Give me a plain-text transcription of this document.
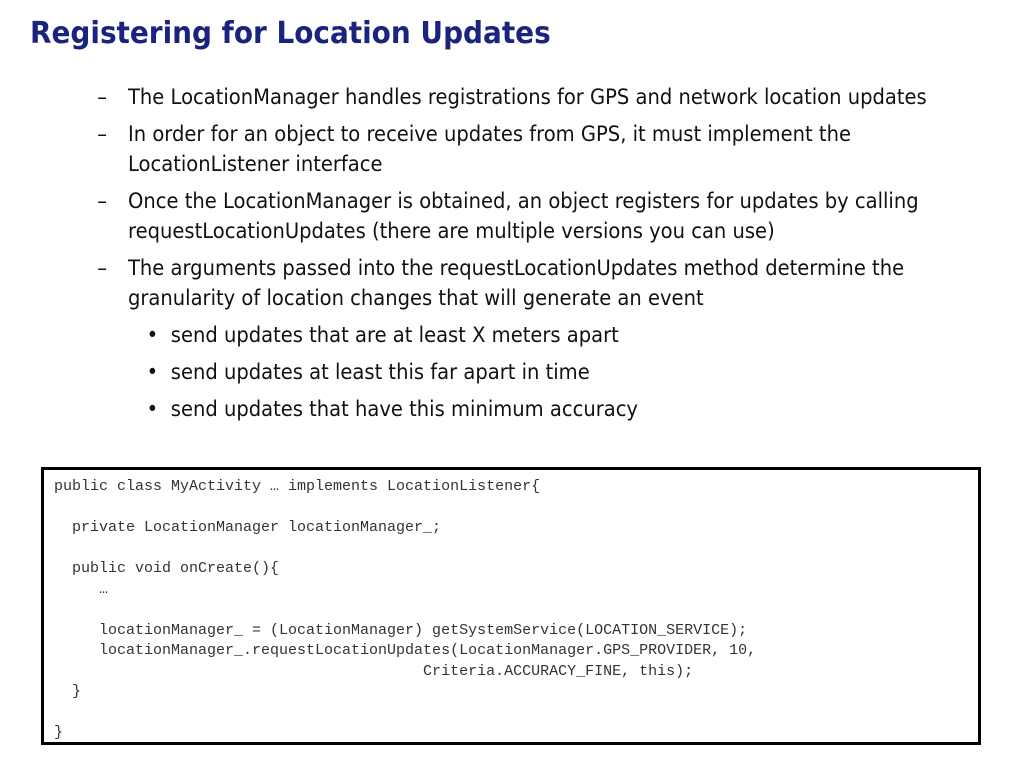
Registering for Location Updates
– The LocationManager handles registrations for GPS and network location updates
– In order for an object to receive updates from GPS, it must implement the LocationListener interface
– Once the LocationManager is obtained, an object registers for updates by calling requestLocationUpdates (there are multiple versions you can use)
– The arguments passed into the requestLocationUpdates method determine the granularity of location changes that will generate an event
• send updates that are at least X meters apart
• send updates at least this far apart in time
• send updates that have this minimum accuracy
public class MyActivity … implements LocationListener{

private LocationManager locationManager_;

public void onCreate(){
…

locationManager_ = (LocationManager) getSystemService(LOCATION_SERVICE);
locationManager_.requestLocationUpdates(LocationManager.GPS_PROVIDER, 10,
Criteria.ACCURACY_FINE, this);
}

}
